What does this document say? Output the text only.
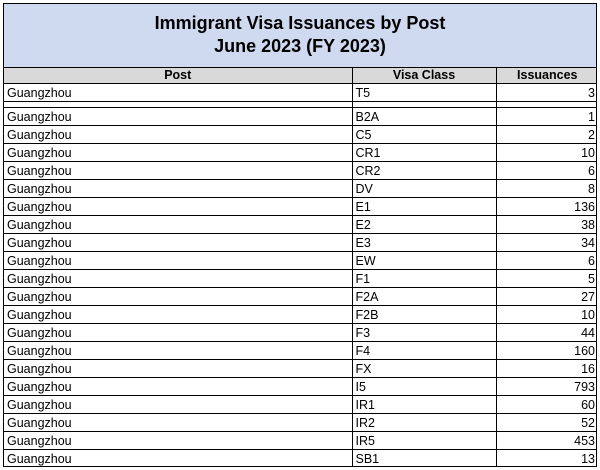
Immigrant Visa Issuances by Post
June 2023 (FY 2023)
Post	Visa Class	Issuances
Guangzhou	T5	3

Guangzhou	B2A	1
Guangzhou	C5	2
Guangzhou	CR1	10
Guangzhou	CR2	6
Guangzhou	DV	8
Guangzhou	E1	136
Guangzhou	E2	38
Guangzhou	E3	34
Guangzhou	EW	6
Guangzhou	F1	5
Guangzhou	F2A	27
Guangzhou	F2B	10
Guangzhou	F3	44
Guangzhou	F4	160
Guangzhou	FX	16
Guangzhou	I5	793
Guangzhou	IR1	60
Guangzhou	IR2	52
Guangzhou	IR5	453
Guangzhou	SB1	13
